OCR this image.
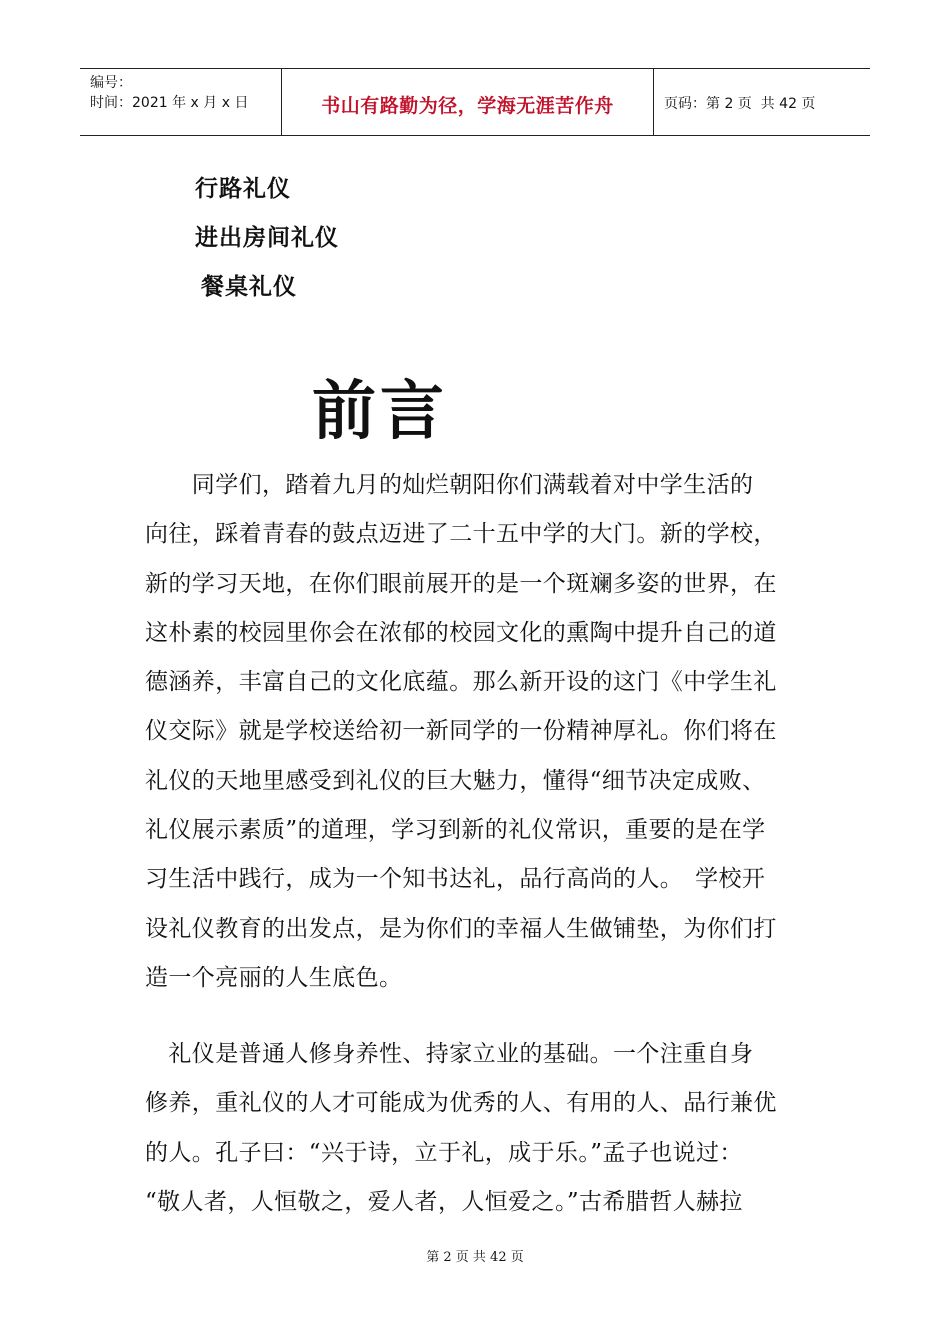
编号：
时间：2021 年 x 月 x 日	书山有路勤为径，学海无涯苦作舟	页码：第 2 页  共 42 页
行路礼仪
进出房间礼仪
餐桌礼仪
前言
　　同学们，踏着九月的灿烂朝阳你们满载着对中学生活的
向往，踩着青春的鼓点迈进了二十五中学的大门。新的学校，
新的学习天地，在你们眼前展开的是一个斑斓多姿的世界，在
这朴素的校园里你会在浓郁的校园文化的熏陶中提升自己的道
德涵养，丰富自己的文化底蕴。那么新开设的这门《中学生礼
仪交际》就是学校送给初一新同学的一份精神厚礼。你们将在
礼仪的天地里感受到礼仪的巨大魅力，懂得“细节决定成败、
礼仪展示素质”的道理，学习到新的礼仪常识，重要的是在学
习生活中践行，成为一个知书达礼，品行高尚的人。　学校开
设礼仪教育的出发点，是为你们的幸福人生做铺垫，为你们打
造一个亮丽的人生底色。
　礼仪是普通人修身养性、持家立业的基础。一个注重自身
修养，重礼仪的人才可能成为优秀的人、有用的人、品行兼优
的人。孔子曰：“兴于诗，立于礼，成于乐。”孟子也说过：
“敬人者，人恒敬之，爱人者，人恒爱之。”古希腊哲人赫拉
第 2 页 共 42 页
